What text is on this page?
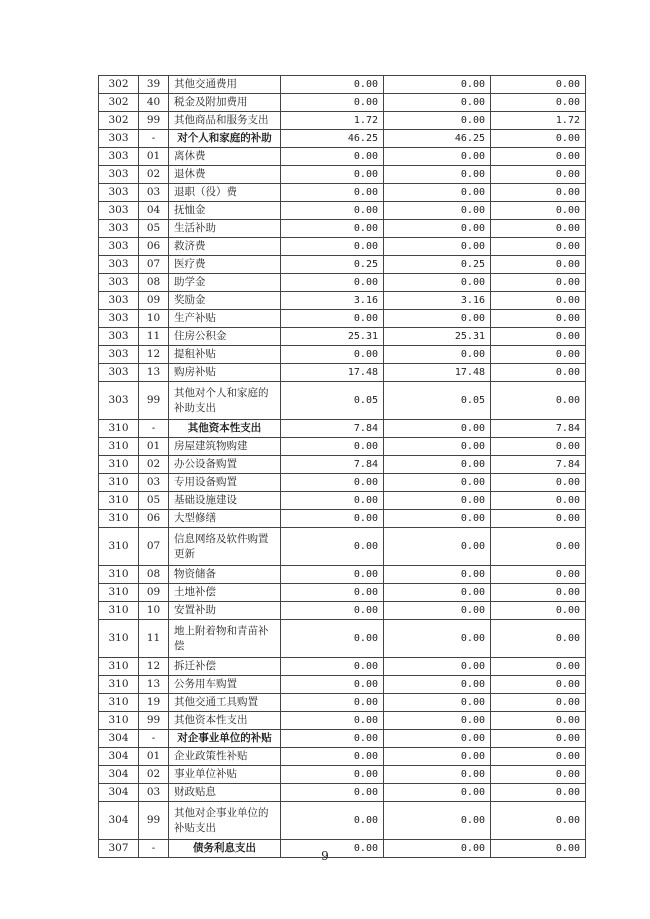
302	39	其他交通费用	0.00	0.00	0.00
302	40	税金及附加费用	0.00	0.00	0.00
302	99	其他商品和服务支出	1.72	0.00	1.72
303	-	对个人和家庭的补助	46.25	46.25	0.00
303	01	离休费	0.00	0.00	0.00
303	02	退休费	0.00	0.00	0.00
303	03	退职（役）费	0.00	0.00	0.00
303	04	抚恤金	0.00	0.00	0.00
303	05	生活补助	0.00	0.00	0.00
303	06	救济费	0.00	0.00	0.00
303	07	医疗费	0.25	0.25	0.00
303	08	助学金	0.00	0.00	0.00
303	09	奖励金	3.16	3.16	0.00
303	10	生产补贴	0.00	0.00	0.00
303	11	住房公积金	25.31	25.31	0.00
303	12	提租补贴	0.00	0.00	0.00
303	13	购房补贴	17.48	17.48	0.00
303	99	其他对个人和家庭的补助支出	0.05	0.05	0.00
310	-	其他资本性支出	7.84	0.00	7.84
310	01	房屋建筑物购建	0.00	0.00	0.00
310	02	办公设备购置	7.84	0.00	7.84
310	03	专用设备购置	0.00	0.00	0.00
310	05	基础设施建设	0.00	0.00	0.00
310	06	大型修缮	0.00	0.00	0.00
310	07	信息网络及软件购置更新	0.00	0.00	0.00
310	08	物资储备	0.00	0.00	0.00
310	09	土地补偿	0.00	0.00	0.00
310	10	安置补助	0.00	0.00	0.00
310	11	地上附着物和青苗补偿	0.00	0.00	0.00
310	12	拆迁补偿	0.00	0.00	0.00
310	13	公务用车购置	0.00	0.00	0.00
310	19	其他交通工具购置	0.00	0.00	0.00
310	99	其他资本性支出	0.00	0.00	0.00
304	-	对企事业单位的补贴	0.00	0.00	0.00
304	01	企业政策性补贴	0.00	0.00	0.00
304	02	事业单位补贴	0.00	0.00	0.00
304	03	财政贴息	0.00	0.00	0.00
304	99	其他对企事业单位的补贴支出	0.00	0.00	0.00
307	-	债务利息支出	0.00	0.00	0.00
9
